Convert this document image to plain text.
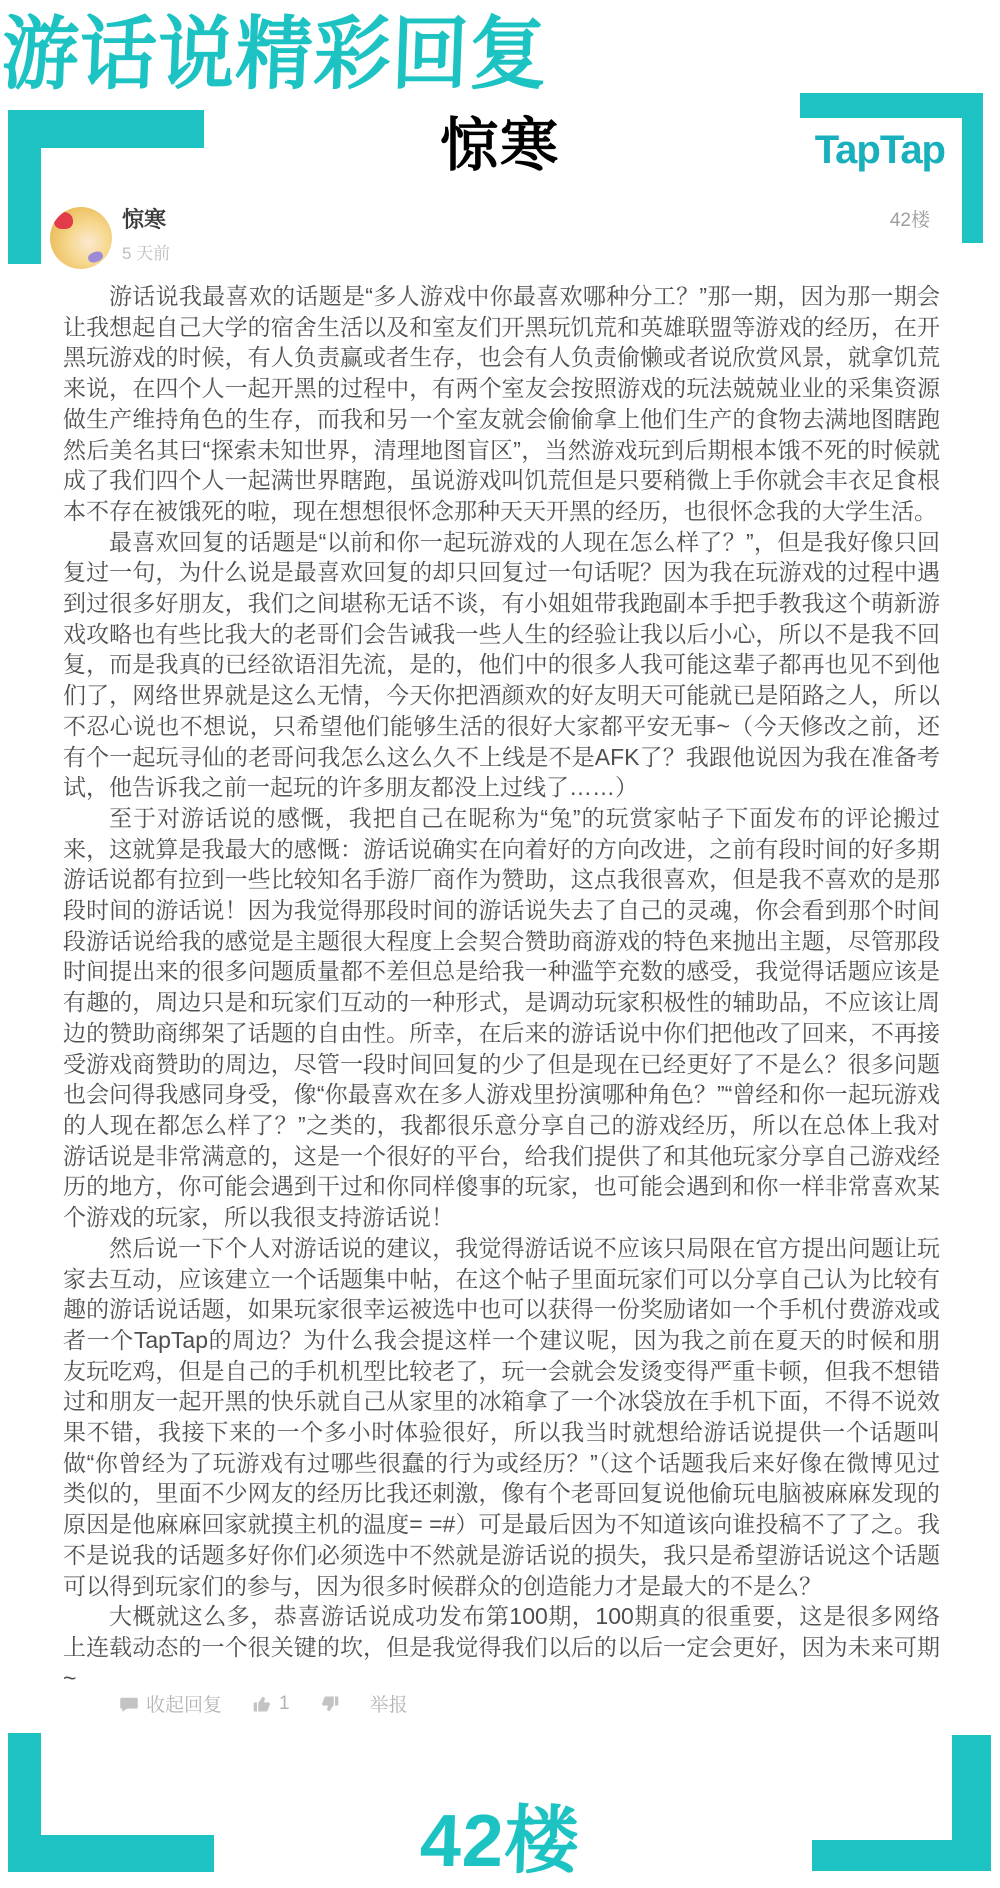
游话说精彩回复
惊寒	TapTap
惊寒
5 天前
42楼

游话说我最喜欢的话题是“多人游戏中你最喜欢哪种分工？”那一期，因为那一期会让我想起自己大学的宿舍生活以及和室友们开黑玩饥荒和英雄联盟等游戏的经历，在开黑玩游戏的时候，有人负责赢或者生存，也会有人负责偷懒或者说欣赏风景，就拿饥荒来说，在四个人一起开黑的过程中，有两个室友会按照游戏的玩法兢兢业业的采集资源做生产维持角色的生存，而我和另一个室友就会偷偷拿上他们生产的食物去满地图瞎跑然后美名其曰“探索未知世界，清理地图盲区”，当然游戏玩到后期根本饿不死的时候就成了我们四个人一起满世界瞎跑，虽说游戏叫饥荒但是只要稍微上手你就会丰衣足食根本不存在被饿死的啦，现在想想很怀念那种天天开黑的经历，也很怀念我的大学生活。

最喜欢回复的话题是“以前和你一起玩游戏的人现在怎么样了？”，但是我好像只回复过一句，为什么说是最喜欢回复的却只回复过一句话呢？因为我在玩游戏的过程中遇到过很多好朋友，我们之间堪称无话不谈，有小姐姐带我跑副本手把手教我这个萌新游戏攻略也有些比我大的老哥们会告诫我一些人生的经验让我以后小心，所以不是我不回复，而是我真的已经欲语泪先流，是的，他们中的很多人我可能这辈子都再也见不到他们了，网络世界就是这么无情，今天你把酒颜欢的好友明天可能就已是陌路之人，所以不忍心说也不想说，只希望他们能够生活的很好大家都平安无事~（今天修改之前，还有个一起玩寻仙的老哥问我怎么这么久不上线是不是AFK了？我跟他说因为我在准备考试，他告诉我之前一起玩的许多朋友都没上过线了……）

至于对游话说的感慨，我把自己在昵称为“兔”的玩赏家帖子下面发布的评论搬过来，这就算是我最大的感慨：游话说确实在向着好的方向改进，之前有段时间的好多期游话说都有拉到一些比较知名手游厂商作为赞助，这点我很喜欢，但是我不喜欢的是那段时间的游话说！因为我觉得那段时间的游话说失去了自己的灵魂，你会看到那个时间段游话说给我的感觉是主题很大程度上会契合赞助商游戏的特色来抛出主题，尽管那段时间提出来的很多问题质量都不差但总是给我一种滥竽充数的感受，我觉得话题应该是有趣的，周边只是和玩家们互动的一种形式，是调动玩家积极性的辅助品，不应该让周边的赞助商绑架了话题的自由性。所幸，在后来的游话说中你们把他改了回来，不再接受游戏商赞助的周边，尽管一段时间回复的少了但是现在已经更好了不是么？很多问题也会问得我感同身受，像“你最喜欢在多人游戏里扮演哪种角色？”“曾经和你一起玩游戏的人现在都怎么样了？”之类的，我都很乐意分享自己的游戏经历，所以在总体上我对游话说是非常满意的，这是一个很好的平台，给我们提供了和其他玩家分享自己游戏经历的地方，你可能会遇到干过和你同样傻事的玩家，也可能会遇到和你一样非常喜欢某个游戏的玩家，所以我很支持游话说！

然后说一下个人对游话说的建议，我觉得游话说不应该只局限在官方提出问题让玩家去互动，应该建立一个话题集中帖，在这个帖子里面玩家们可以分享自己认为比较有趣的游话说话题，如果玩家很幸运被选中也可以获得一份奖励诸如一个手机付费游戏或者一个TapTap的周边？为什么我会提这样一个建议呢，因为我之前在夏天的时候和朋友玩吃鸡，但是自己的手机机型比较老了，玩一会就会发烫变得严重卡顿，但我不想错过和朋友一起开黑的快乐就自己从家里的冰箱拿了一个冰袋放在手机下面，不得不说效果不错，我接下来的一个多小时体验很好，所以我当时就想给游话说提供一个话题叫做“你曾经为了玩游戏有过哪些很蠢的行为或经历？”（这个话题我后来好像在微博见过类似的，里面不少网友的经历比我还刺激，像有个老哥回复说他偷玩电脑被麻麻发现的原因是他麻麻回家就摸主机的温度= =#）可是最后因为不知道该向谁投稿不了了之。我不是说我的话题多好你们必须选中不然就是游话说的损失，我只是希望游话说这个话题可以得到玩家们的参与，因为很多时候群众的创造能力才是最大的不是么？

大概就这么多，恭喜游话说成功发布第100期，100期真的很重要，这是很多网络上连载动态的一个很关键的坎，但是我觉得我们以后的以后一定会更好，因为未来可期~

收起回复	1	举报
42楼
